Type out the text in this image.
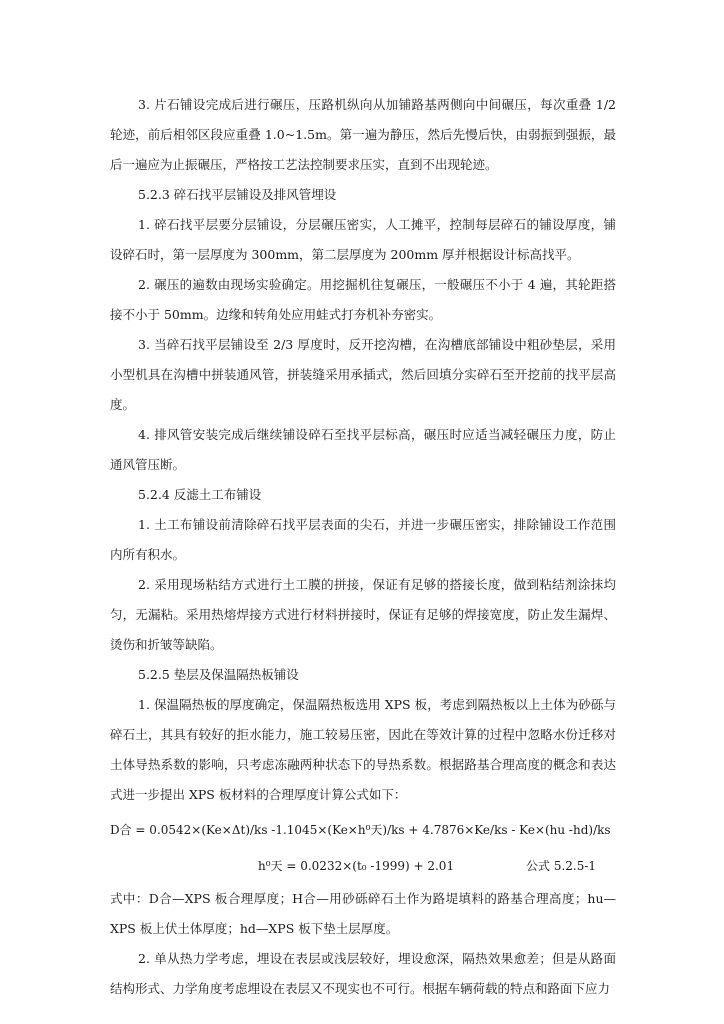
3. 片石铺设完成后进行碾压，压路机纵向从加铺路基两侧向中间碾压，每次重叠 1/2 轮迹，前后相邻区段应重叠 1.0~1.5m。第一遍为静压，然后先慢后快，由弱振到强振，最后一遍应为止振碾压，严格按工艺法控制要求压实，直到不出现轮迹。

5.2.3 碎石找平层铺设及排风管埋设

1. 碎石找平层要分层铺设，分层碾压密实，人工摊平，控制每层碎石的铺设厚度，铺设碎石时，第一层厚度为 300mm，第二层厚度为 200mm 厚并根据设计标高找平。

2. 碾压的遍数由现场实验确定。用挖掘机往复碾压，一般碾压不小于 4 遍，其轮距搭接不小于 50mm。边缘和转角处应用蛙式打夯机补夯密实。

3. 当碎石找平层铺设至 2/3 厚度时，反开挖沟槽，在沟槽底部铺设中粗砂垫层，采用小型机具在沟槽中拼装通风管，拼装缝采用承插式，然后回填分实碎石至开挖前的找平层高度。

4. 排风管安装完成后继续铺设碎石至找平层标高，碾压时应适当减轻碾压力度，防止通风管压断。

5.2.4 反滤土工布铺设

1. 土工布铺设前清除碎石找平层表面的尖石，并进一步碾压密实，排除铺设工作范围内所有积水。

2. 采用现场粘结方式进行土工膜的拼接，保证有足够的搭接长度，做到粘结剂涂抹均匀，无漏粘。采用热熔焊接方式进行材料拼接时，保证有足够的焊接宽度，防止发生漏焊、烫伤和折皱等缺陷。

5.2.5 垫层及保温隔热板铺设

1. 保温隔热板的厚度确定，保温隔热板选用 XPS 板，考虑到隔热板以上土体为砂砾与碎石土，其具有较好的拒水能力，施工较易压密，因此在等效计算的过程中忽略水份迁移对土体导热系数的影响，只考虑冻融两种状态下的导热系数。根据路基合理高度的概念和表达式进一步提出 XPS 板材料的合理厚度计算公式如下：

D合 = 0.0542×(Ke×Δt)/ks -1.1045×(Ke×h⁰天)/ks + 4.7876×Ke/ks - Ke×(hu -hd)/ks

h⁰天 = 0.0232×(t₀ -1999) + 2.01	公式 5.2.5-1

式中：D合—XPS 板合理厚度；H合—用砂砾碎石土作为路堤填料的路基合理高度；hu—XPS 板上伏土体厚度；hd—XPS 板下垫土层厚度。

2. 单从热力学考虑，埋设在表层或浅层较好，埋设愈深，隔热效果愈差；但是从路面结构形式、力学角度考虑埋设在表层又不现实也不可行。根据车辆荷载的特点和路面下应力
